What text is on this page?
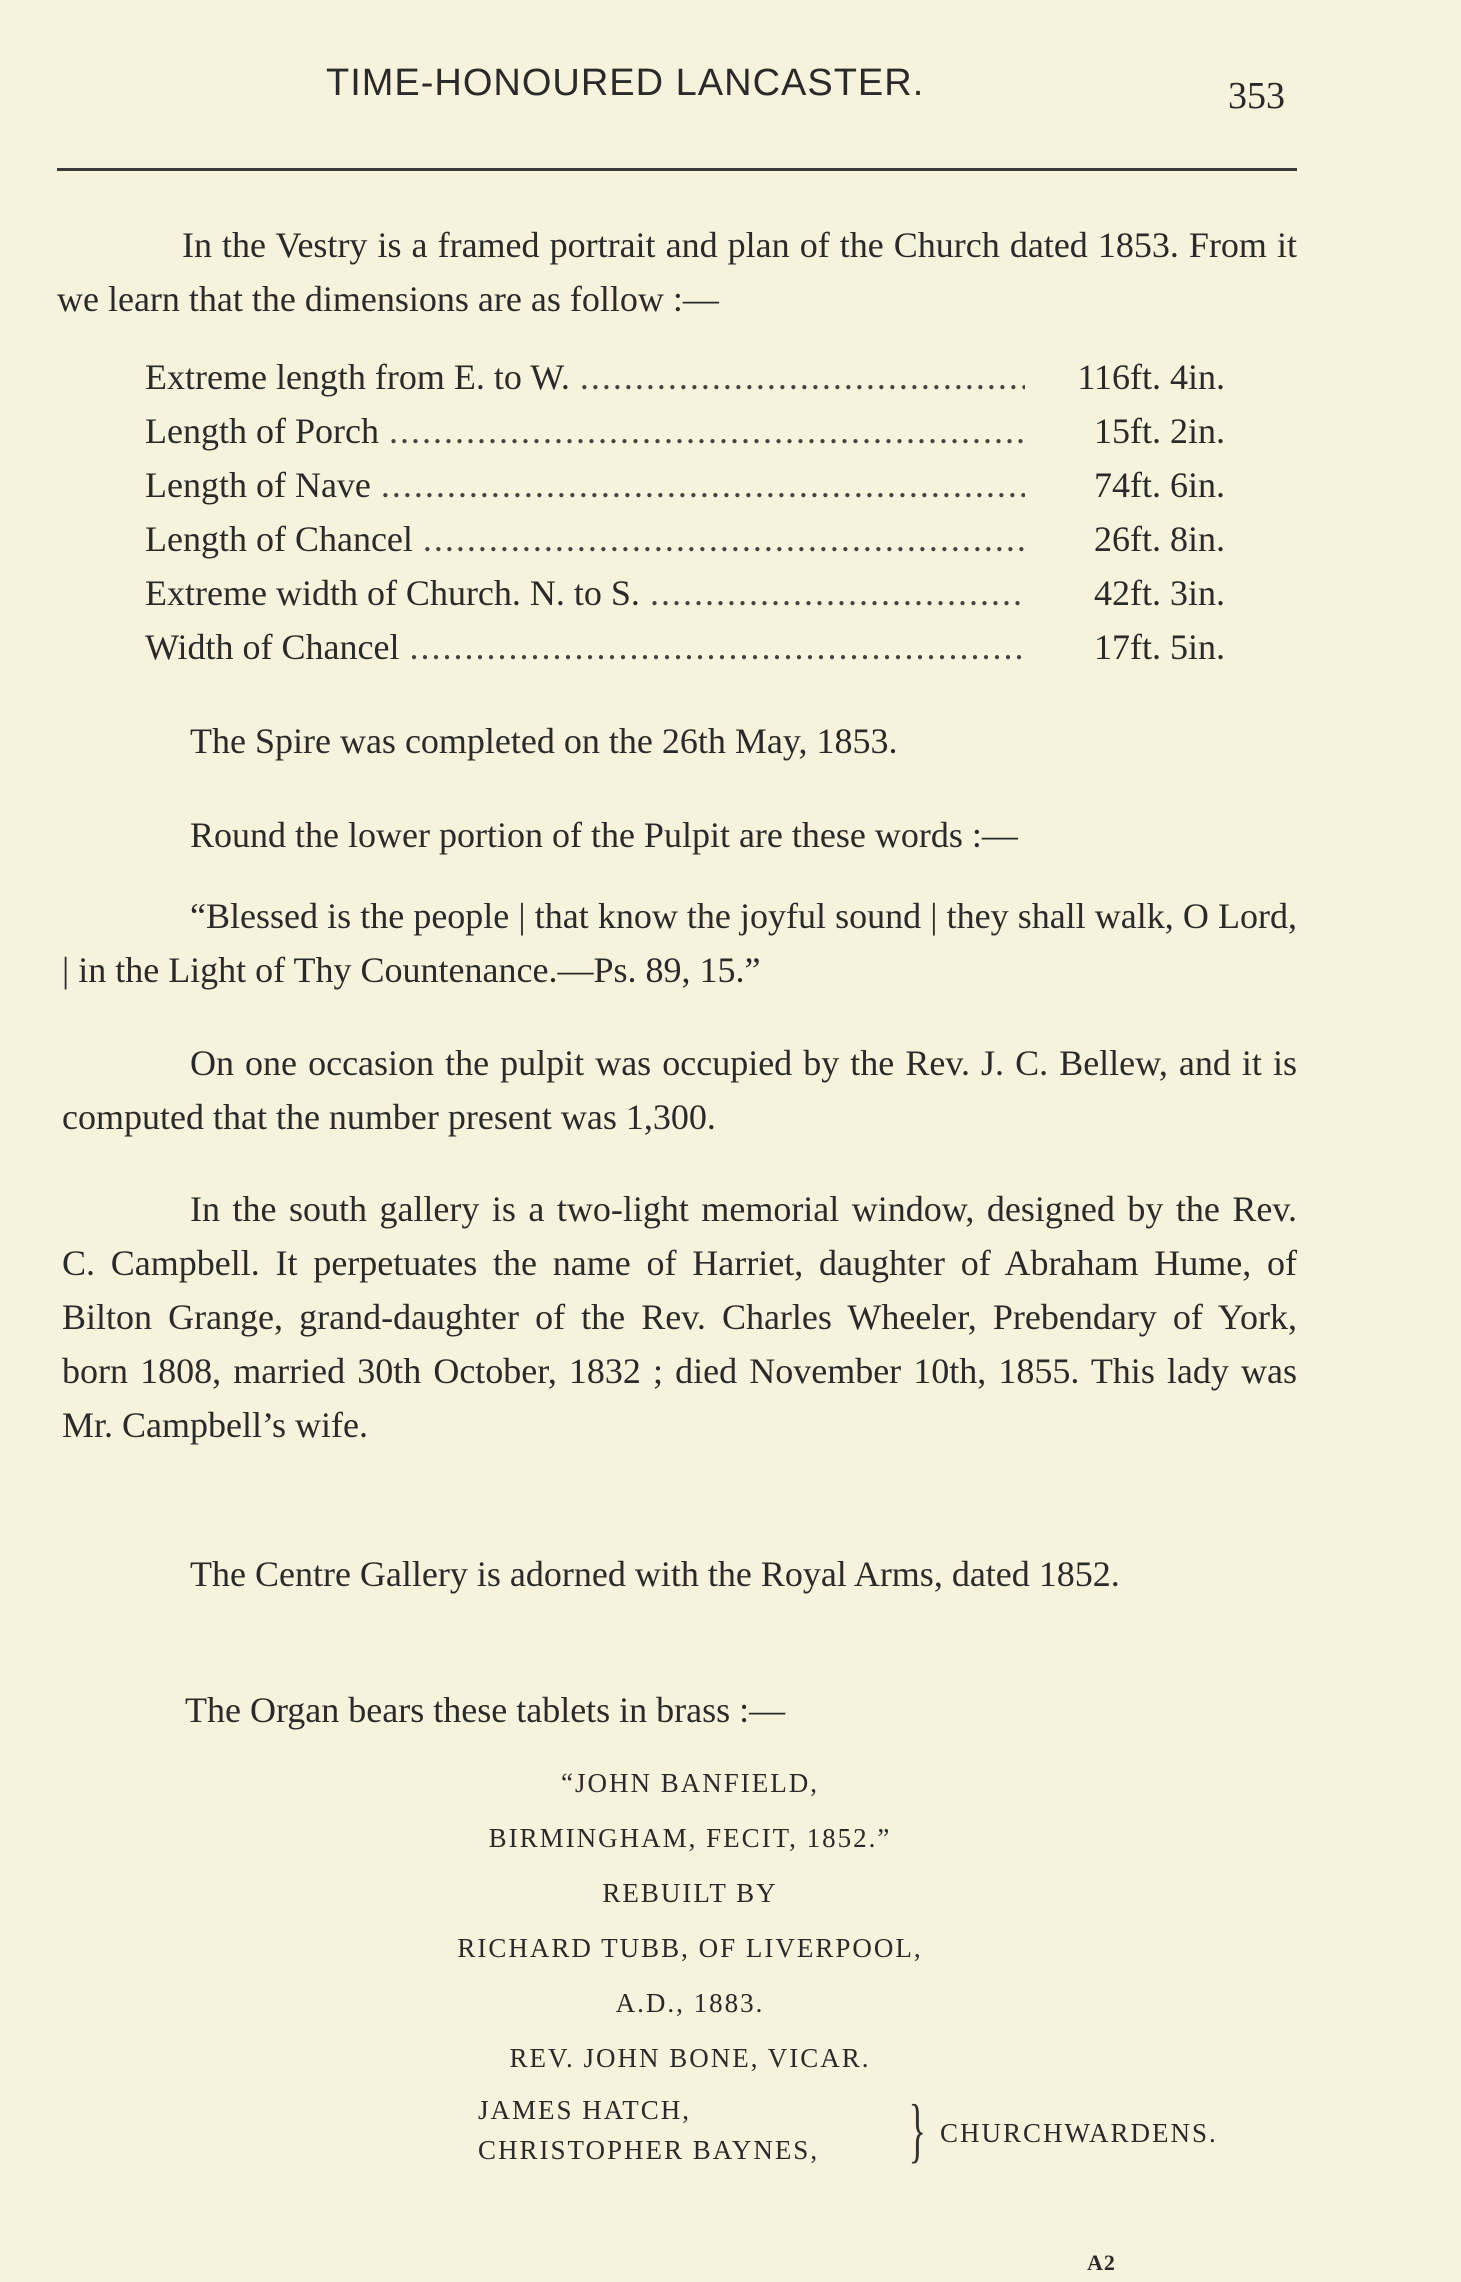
TIME-HONOURED LANCASTER.	353

In the Vestry is a framed portrait and plan of the Church dated 1853. From it we learn that the dimensions are as follow :—

Extreme length from E. to W. .....	116ft. 4in.
Length of Porch .....	15ft. 2in.
Length of Nave .....	74ft. 6in.
Length of Chancel .....	26ft. 8in.
Extreme width of Church. N. to S. .....	42ft. 3in.
Width of Chancel .....	17ft. 5in.

The Spire was completed on the 26th May, 1853.

Round the lower portion of the Pulpit are these words :—

“Blessed is the people | that know the joyful sound | they shall walk, O Lord, | in the Light of Thy Countenance.—Ps. 89, 15.”

On one occasion the pulpit was occupied by the Rev. J. C. Bellew, and it is computed that the number present was 1,300.

In the south gallery is a two-light memorial window, designed by the Rev. C. Campbell. It perpetuates the name of Harriet, daughter of Abraham Hume, of Bilton Grange, grand-daughter of the Rev. Charles Wheeler, Prebendary of York, born 1808, married 30th October, 1832 ; died November 10th, 1855. This lady was Mr. Campbell’s wife.

The Centre Gallery is adorned with the Royal Arms, dated 1852.

The Organ bears these tablets in brass :—

“JOHN BANFIELD,
BIRMINGHAM, FECIT, 1852.”
REBUILT BY
RICHARD TUBB, OF LIVERPOOL,
A.D., 1883.
REV. JOHN BONE, VICAR.
JAMES HATCH,
CHRISTOPHER BAYNES, } CHURCHWARDENS.
A2
